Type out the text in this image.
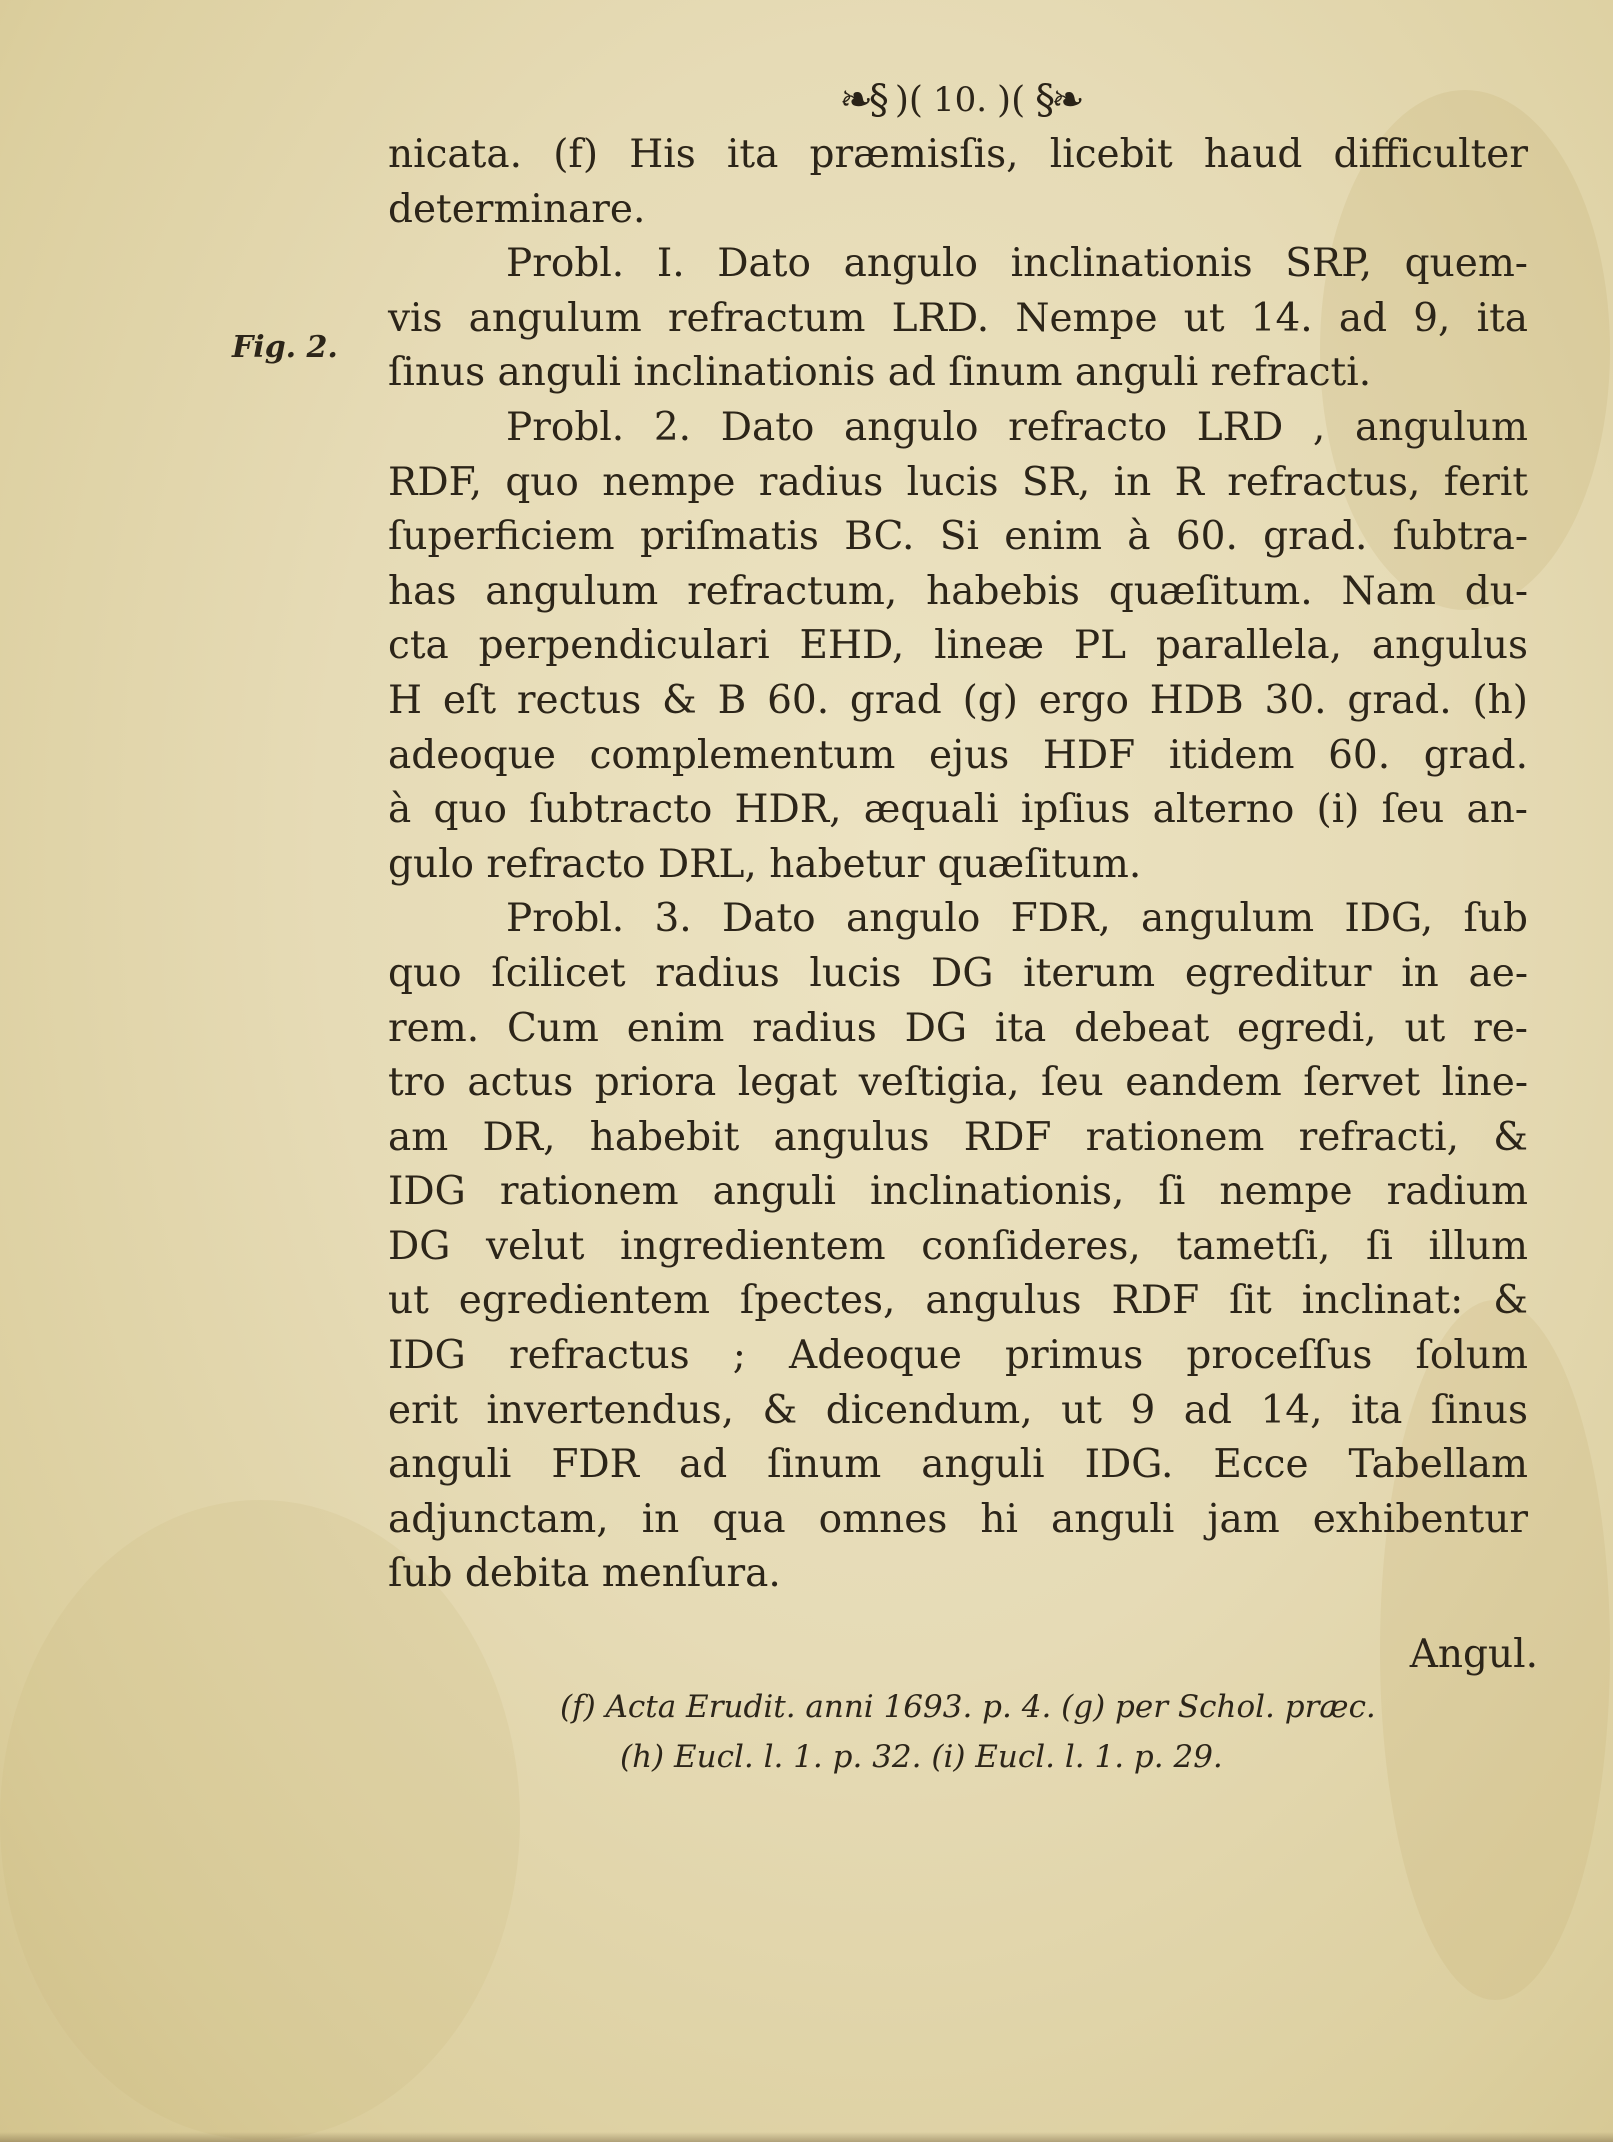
❧§ )( 10. )( §❧
Fig. 2.
nicata. (f) His ita præmisſis, licebit haud difficulter
determinare.
Probl. I. Dato angulo inclinationis SRP, quem-
vis angulum refractum LRD. Nempe ut 14. ad 9, ita
ſinus anguli inclinationis ad ſinum anguli refracti.
Probl. 2. Dato angulo refracto LRD , angulum
RDF, quo nempe radius lucis SR, in R refractus, ferit
ſuperficiem priſmatis BC. Si enim à 60. grad. ſubtra-
has angulum refractum, habebis quæſitum. Nam du-
cta perpendiculari EHD, lineæ PL parallela, angulus
H eſt rectus & B 60. grad (g) ergo HDB 30. grad. (h)
adeoque complementum ejus HDF itidem 60. grad.
à quo ſubtracto HDR, æquali ipſius alterno (i) ſeu an-
gulo refracto DRL, habetur quæſitum.
Probl. 3. Dato angulo FDR, angulum IDG, ſub
quo ſcilicet radius lucis DG iterum egreditur in ae-
rem. Cum enim radius DG ita debeat egredi, ut re-
tro actus priora legat veſtigia, ſeu eandem ſervet line-
am DR, habebit angulus RDF rationem refracti, &
IDG rationem anguli inclinationis, ſi nempe radium
DG velut ingredientem conſideres, tametſi, ſi illum
ut egredientem ſpectes, angulus RDF ſit inclinat: &
IDG refractus ; Adeoque primus proceſſus ſolum
erit invertendus, & dicendum, ut 9 ad 14, ita ſinus
anguli FDR ad ſinum anguli IDG. Ecce Tabellam
adjunctam, in qua omnes hi anguli jam exhibentur
ſub debita menſura.
Angul.
(f) Acta Erudit. anni 1693. p. 4. (g) per Schol. præc.
(h) Eucl. l. 1. p. 32. (i) Eucl. l. 1. p. 29.
